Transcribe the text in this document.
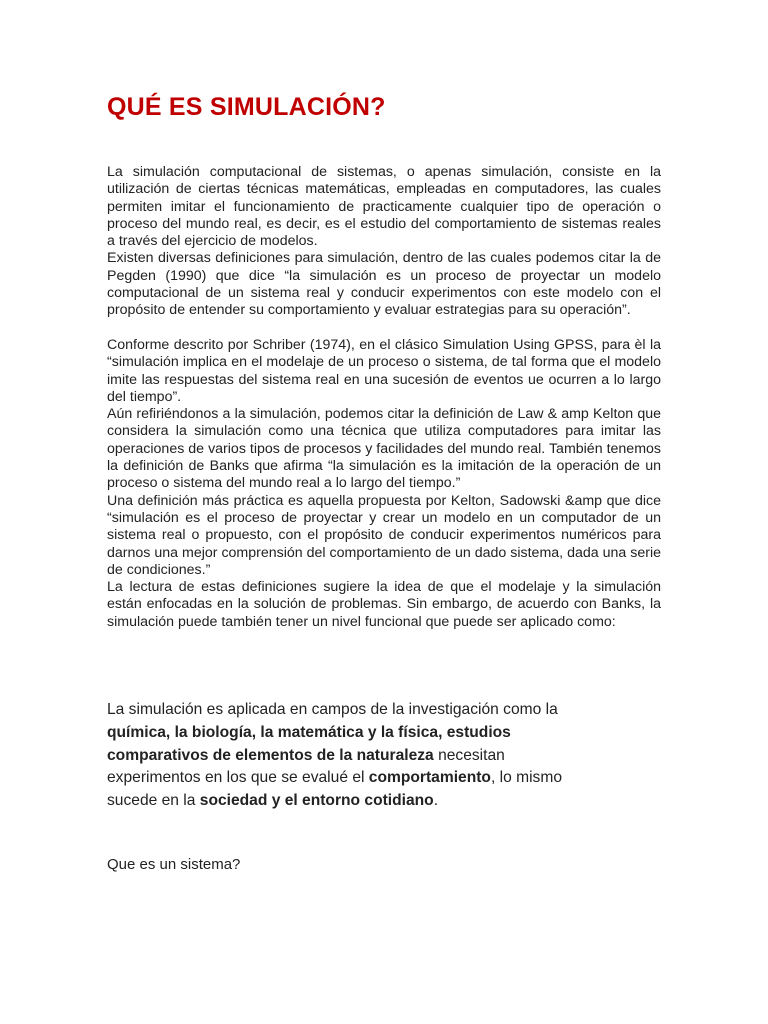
QUÉ ES SIMULACIÓN?

La simulación computacional de sistemas, o apenas simulación, consiste en la utilización de ciertas técnicas matemáticas, empleadas en computadores, las cuales permiten imitar el funcionamiento de practicamente cualquier tipo de operación o proceso del mundo real, es decir, es el estudio del comportamiento de sistemas reales a través del ejercicio de modelos.

Existen diversas definiciones para simulación, dentro de las cuales podemos citar la de Pegden (1990) que dice “la simulación es un proceso de proyectar un modelo computacional de un sistema real y conducir experimentos con este modelo con el propósito de entender su comportamiento y evaluar estrategias para su operación”.

Conforme descrito por Schriber (1974), en el clásico Simulation Using GPSS, para èl la “simulación implica en el modelaje de un proceso o sistema, de tal forma que el modelo imite las respuestas del sistema real en una sucesión de eventos ue ocurren a lo largo del tiempo”.

Aún refiriéndonos a la simulación, podemos citar la definición de Law & amp Kelton que considera la simulación como una técnica que utiliza computadores para imitar las operaciones de varios tipos de procesos y facilidades del mundo real. También tenemos la definición de Banks que afirma “la simulación es la imitación de la operación de un proceso o sistema del mundo real a lo largo del tiempo.”

Una definición más práctica es aquella propuesta por Kelton, Sadowski &amp que dice “simulación es el proceso de proyectar y crear un modelo en un computador de un sistema real o propuesto, con el propósito de conducir experimentos numéricos para darnos una mejor comprensión del comportamiento de un dado sistema, dada una serie de condiciones.”

La lectura de estas definiciones sugiere la idea de que el modelaje y la simulación están enfocadas en la solución de problemas. Sin embargo, de acuerdo con Banks, la simulación puede también tener un nivel funcional que puede ser aplicado como:

La simulación es aplicada en campos de la investigación como la química, la biología, la matemática y la física, estudios comparativos de elementos de la naturaleza necesitan experimentos en los que se evalué el comportamiento, lo mismo sucede en la sociedad y el entorno cotidiano.
Que es un sistema?
